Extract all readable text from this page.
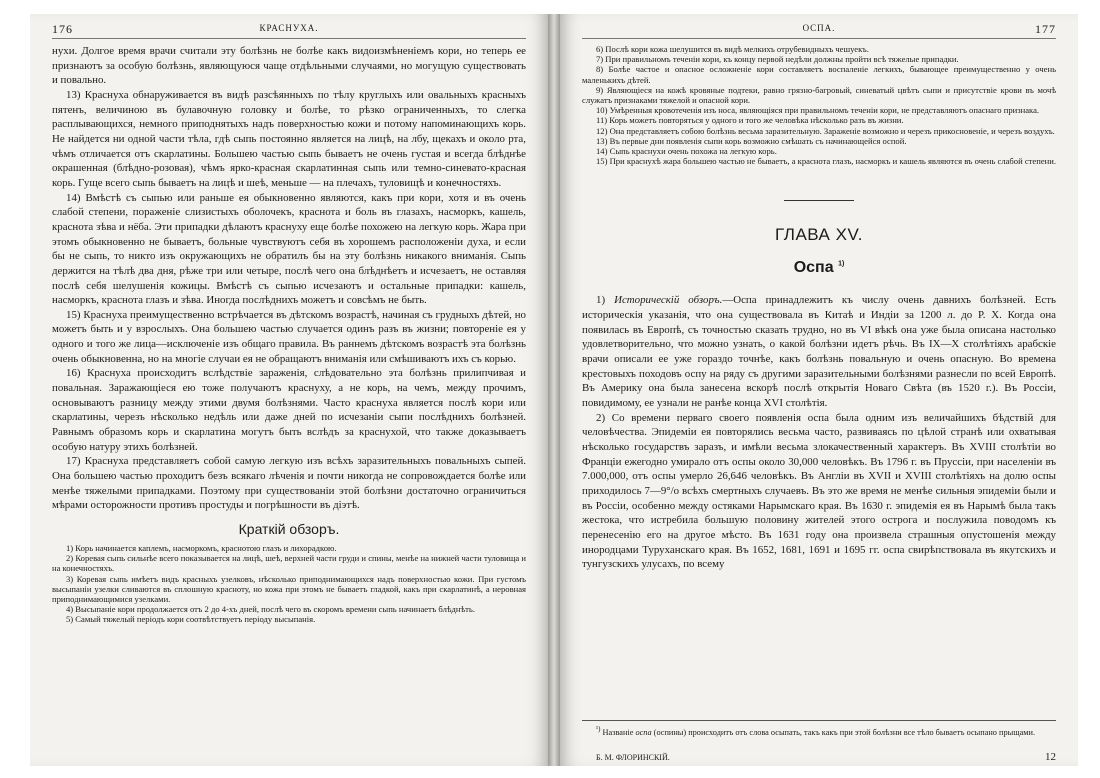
176	КРАСНУХА.

нухи. Долгое время врачи считали эту болѣзнь не болѣе какъ видоизмѣненiемъ кори, но теперь ее признаютъ за особую болѣзнь, являющуюся чаще отдѣльными случаями, но могущую существовать и повально.

13) Краснуха обнаруживается въ видѣ разсѣянныхъ по тѣлу круглыхъ или овальныхъ красныхъ пятенъ, величиною въ булавочную головку и болѣе, то рѣзко ограниченныхъ, то слегка расплывающихся, немного приподнятыхъ надъ поверхностью кожи и потому напоминающихъ корь. Не найдется ни одной части тѣла, гдѣ сыпь постоянно является на лицѣ, на лбу, щекахъ и около рта, чѣмъ отличается отъ скарлатины. Большею частью сыпь бываетъ не очень густая и всегда блѣднѣе окрашенная (блѣдно-розовая), чѣмъ ярко-красная скарлатинная сыпь или темно-синевато-красная корь. Гуще всего сыпь бываетъ на лицѣ и шеѣ, меньше — на плечахъ, туловищѣ и конечностяхъ.

14) Вмѣстѣ съ сыпью или раньше ея обыкновенно являются, какъ при кори, хотя и въ очень слабой степени, пораженiе слизистыхъ оболочекъ, краснота и боль въ глазахъ, насморкъ, кашель, краснота зѣва и нёба. Эти припадки дѣлаютъ краснуху еще болѣе похожею на легкую корь. Жара при этомъ обыкновенно не бываетъ, больные чувствуютъ себя въ хорошемъ расположенiи духа, и если бы не сыпь, то никто изъ окружающихъ не обратилъ бы на эту болѣзнь никакого вниманiя. Сыпь держится на тѣлѣ два дня, рѣже три или четыре, послѣ чего она блѣднѣетъ и исчезаетъ, не оставляя послѣ себя шелушенiя кожицы. Вмѣстѣ съ сыпью исчезаютъ и остальные припадки: кашель, насморкъ, краснота глазъ и зѣва. Иногда послѣднихъ можетъ и совсѣмъ не быть.

15) Краснуха преимущественно встрѣчается въ дѣтскомъ возрастѣ, начиная съ грудныхъ дѣтей, но можетъ быть и у взрослыхъ. Она большею частью случается одинъ разъ въ жизни; повторенiе ея у одного и того же лица—исключенiе изъ общаго правила. Въ раннемъ дѣтскомъ возрастѣ эта болѣзнь очень обыкновенна, но на многiе случаи ея не обращаютъ вниманiя или смѣшиваютъ ихъ съ корью.

16) Краснуха происходитъ вслѣдствiе зараженiя, слѣдовательно эта болѣзнь прилипчивая и повальная. Заражающiеся ею тоже получаютъ краснуху, а не корь, на чемъ, между прочимъ, основываютъ разницу между этими двумя болѣзнями. Часто краснуха является послѣ кори или скарлатины, черезъ нѣсколько недѣль или даже дней по исчезанiи сыпи послѣднихъ болѣзней. Равнымъ образомъ корь и скарлатина могутъ быть вслѣдъ за краснухой, что также доказываетъ особую натуру этихъ болѣзней.

17) Краснуха представляетъ собой самую легкую изъ всѣхъ заразительныхъ повальныхъ сыпей. Она большею частью проходитъ безъ всякаго лѣченiя и почти никогда не сопровождается болѣе или менѣе тяжелыми припадками. Поэтому при существованiи этой болѣзни достаточно ограничиться мѣрами осторожности противъ простуды и погрѣшности въ дiэтѣ.

Краткiй обзоръ.

1) Корь начинается каплемъ, насморкомъ, краснотою глазъ и лихорадкою.

2) Коревая сыпь сильнѣе всего показывается на лицѣ, шеѣ, верхней части груди и спины, менѣе на нижней части туловища и на конечностяхъ.

3) Коревая сыпь имѣетъ видъ красныхъ узелковъ, нѣсколько приподнимающихся надъ поверхностью кожи. При густомъ высыпанiи узелки сливаются въ сплошную красноту, но кожа при этомъ не бываетъ гладкой, какъ при скарлатинѣ, а неровная приподнимающимися узелками.

4) Высыпанiе кори продолжается отъ 2 до 4-хъ дней, послѣ чего въ скоромъ времени сыпь начинаетъ блѣднѣть.

5) Самый тяжелый перiодъ кори соотвѣтствуетъ перiоду высыпанiя.

ОСПА.	177

6) Послѣ кори кожа шелушится въ видѣ мелкихъ отрубевидныхъ чешуекъ.

7) При правильномъ теченiи кори, къ концу первой недѣли должны пройти всѣ тяжелые припадки.

8) Болѣе частое и опасное осложненiе кори составляетъ воспаленiе легкихъ, бывающее преимущественно у очень маленькихъ дѣтей.

9) Являющiеся на кожѣ кровяные подтеки, равно грязно-багровый, синеватый цвѣтъ сыпи и присутствiе крови въ мочѣ служатъ признаками тяжелой и опасной кори.

10) Умѣренныя кровотеченiя изъ носа, являющiяся при правильномъ теченiи кори, не представляютъ опаснаго признака.

11) Корь можетъ повторяться у одного и того же человѣка нѣсколько разъ въ жизни.

12) Она представляетъ собою болѣзнь весьма заразительную. Зараженiе возможно и черезъ прикосновенiе, и черезъ воздухъ.

13) Въ первые дни появленiя сыпи корь возможно смѣшать съ начинающейся оспой.

14) Сыпь краснухи очень похожа на легкую корь.

15) При краснухѣ жара большею частью не бываетъ, а краснота глазъ, насморкъ и кашель являются въ очень слабой степени.

ГЛАВА XV.
Оспа $^{1)}$

1) Историческiй обзоръ.—Оспа принадлежитъ къ числу очень давнихъ болѣзней. Есть историческiя указанiя, что она существовала въ Китаѣ и Индiи за 1200 л. до Р. Х. Когда она появилась въ Европѣ, съ точностью сказать трудно, но въ VI вѣкѣ она уже была описана настолько удовлетворительно, что можно узнать, о какой болѣзни идетъ рѣчь. Въ IX—X столѣтiяхъ арабскiе врачи описали ее уже гораздо точнѣе, какъ болѣзнь повальную и очень опасную. Во времена крестовыхъ походовъ оспу на ряду съ другими заразительными болѣзнями разнесли по всей Европѣ. Въ Америку она была занесена вскорѣ послѣ открытiя Новаго Свѣта (въ 1520 г.). Въ Россiи, повидимому, ее узнали не ранѣе конца XVI столѣтiя.

2) Со времени перваго своего появленiя оспа была одним изъ величайшихъ бѣдствiй для человѣчества. Эпидемiи ея повторялись весьма часто, развиваясь по цѣлой странѣ или охватывая нѣсколько государствъ заразъ, и имѣли весьма злокачественный характеръ. Въ XVIII столѣтiи во Францiи ежегодно умирало отъ оспы около 30,000 человѣкъ. Въ 1796 г. въ Пруссiи, при населенiи въ 7.000,000, отъ оспы умерло 26,646 человѣкъ. Въ Англiи въ XVII и XVIII столѣтiяхъ на долю оспы приходилось 7—9°/о всѣхъ смертныхъ случаевъ. Въ это же время не менѣе сильныя эпидемiи были и въ Россiи, особенно между остяками Нарымскаго края. Въ 1630 г. эпидемiя ея въ Нарымѣ была такъ жестока, что истребила большую половину жителей этого острога и послужила поводомъ къ перенесенiю его на другое мѣсто. Въ 1631 году она произвела страшныя опустошенiя между инородцами Туруханскаго края. Въ 1652, 1681, 1691 и 1695 гг. оспа свирѣпствовала въ якутскихъ и тунгузскихъ улусахъ, по всему

$^{^1)}$ Названiе оспа (оспины) происходитъ отъ слова осыпать, такъ какъ при этой болѣзни все тѣло бываетъ осыпано прыщами.

Б. М. ФЛОРИНСКІЙ.	12
